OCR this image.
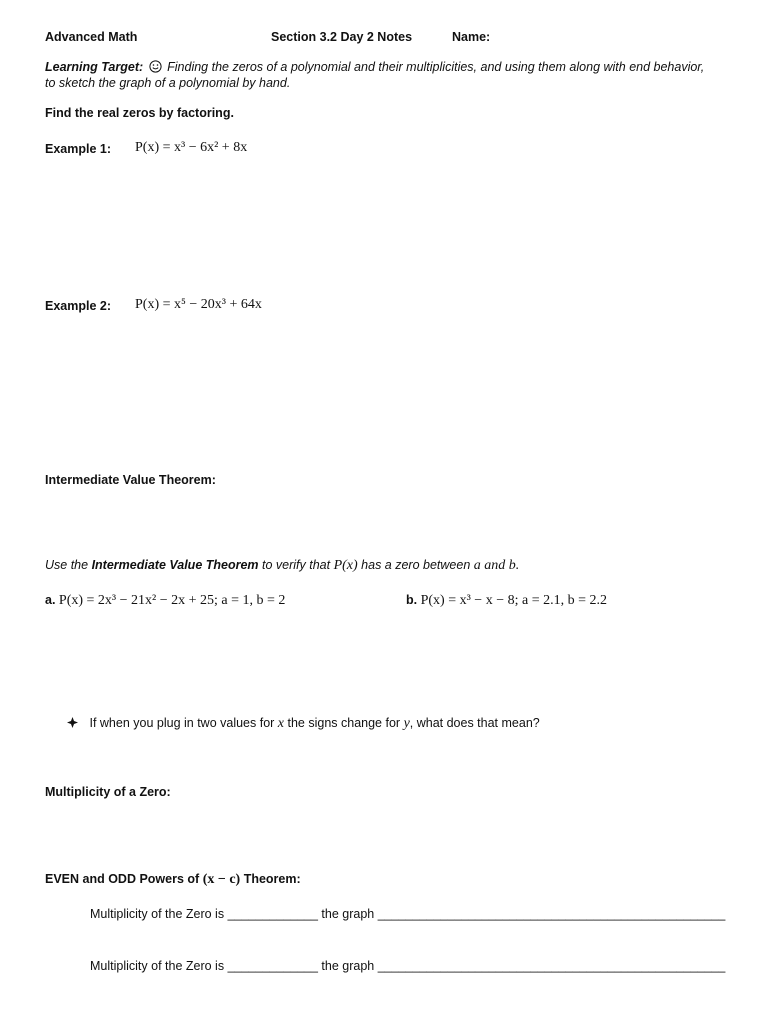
Advanced Math	Section 3.2 Day 2 Notes	Name:
Learning Target: Finding the zeros of a polynomial and their multiplicities, and using them along with end behavior,
to sketch the graph of a polynomial by hand.
Find the real zeros by factoring.
Example 1: P(x) = x³ − 6x² + 8x
Example 2: P(x) = x⁵ − 20x³ + 64x
Intermediate Value Theorem:
Use the Intermediate Value Theorem to verify that P(x) has a zero between a and b.
a. P(x) = 2x³ − 21x² − 2x + 25; a = 1, b = 2	b. P(x) = x³ − x − 8; a = 2.1, b = 2.2
If when you plug in two values for x the signs change for y, what does that mean?
Multiplicity of a Zero:
EVEN and ODD Powers of (x − c) Theorem:
Multiplicity of the Zero is _____________ the graph __________________________________________________
Multiplicity of the Zero is _____________ the graph __________________________________________________
